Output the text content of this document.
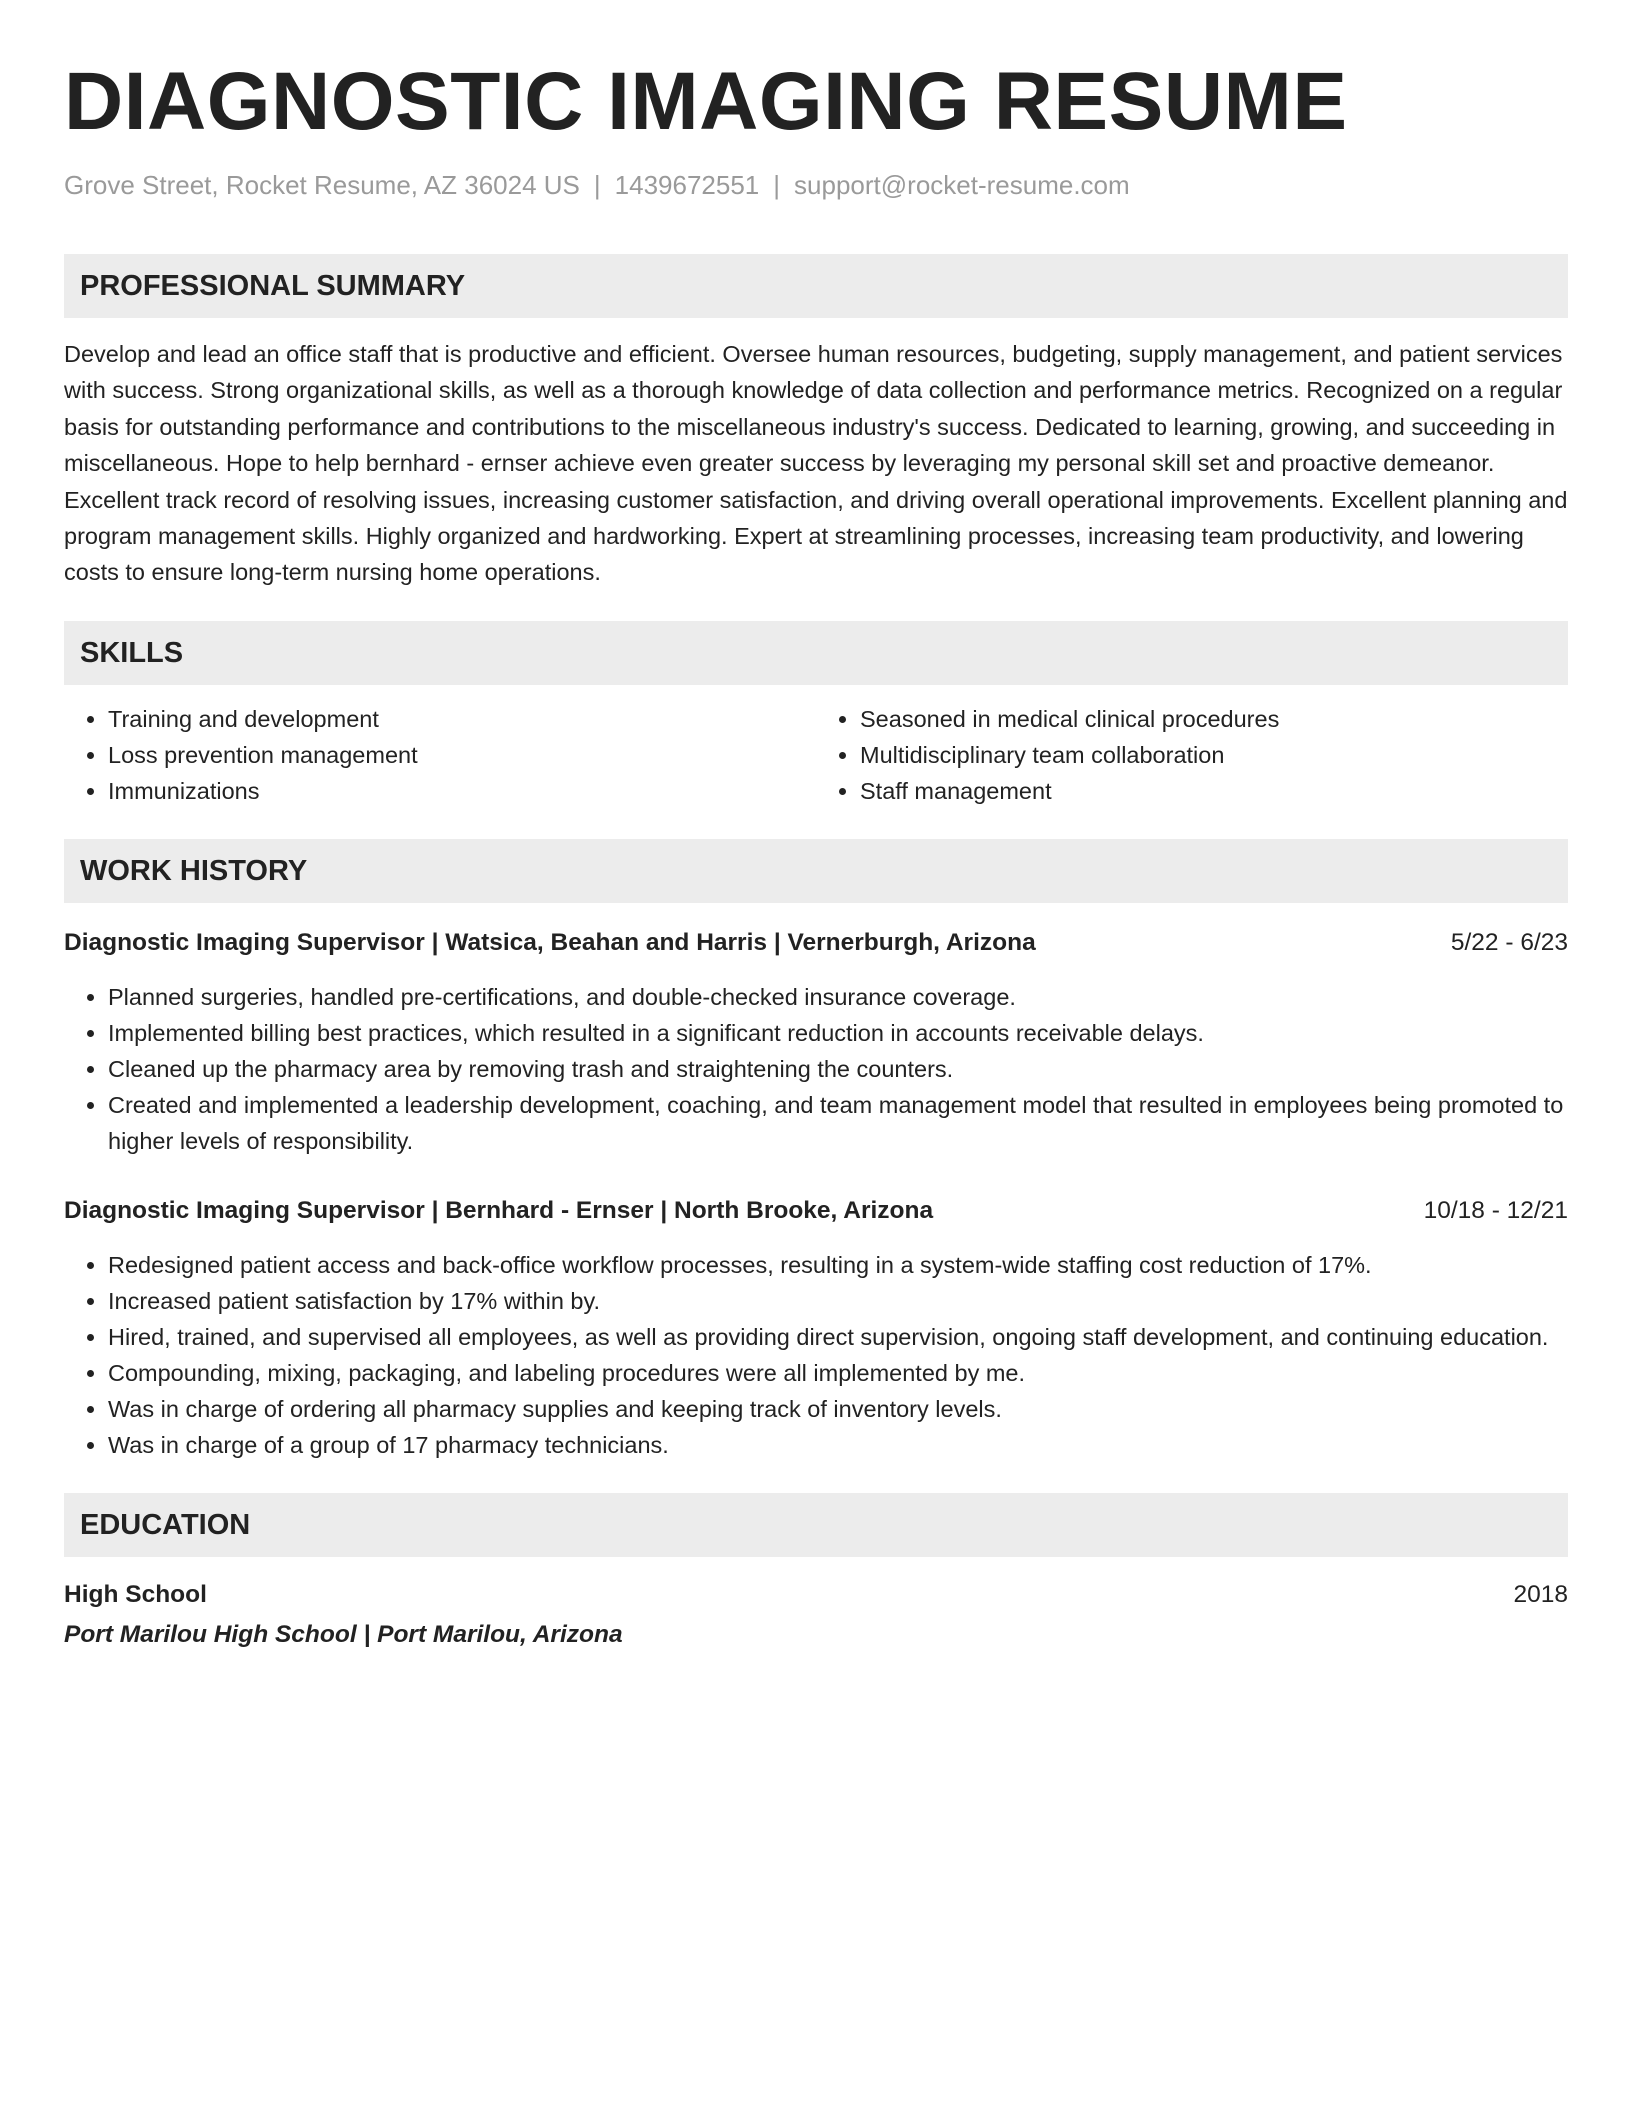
DIAGNOSTIC IMAGING RESUME
Grove Street, Rocket Resume, AZ 36024 US | 1439672551 | support@rocket-resume.com
PROFESSIONAL SUMMARY

Develop and lead an office staff that is productive and efficient. Oversee human resources, budgeting, supply management, and patient services with success. Strong organizational skills, as well as a thorough knowledge of data collection and performance metrics. Recognized on a regular basis for outstanding performance and contributions to the miscellaneous industry's success. Dedicated to learning, growing, and succeeding in miscellaneous. Hope to help bernhard - ernser achieve even greater success by leveraging my personal skill set and proactive demeanor. Excellent track record of resolving issues, increasing customer satisfaction, and driving overall operational improvements. Excellent planning and program management skills. Highly organized and hardworking. Expert at streamlining processes, increasing team productivity, and lowering costs to ensure long-term nursing home operations.

SKILLS
• Training and development
• Loss prevention management
• Immunizations
• Seasoned in medical clinical procedures
• Multidisciplinary team collaboration
• Staff management
WORK HISTORY
Diagnostic Imaging Supervisor | Watsica, Beahan and Harris | Vernerburgh, Arizona	5/22 - 6/23
• Planned surgeries, handled pre-certifications, and double-checked insurance coverage.
• Implemented billing best practices, which resulted in a significant reduction in accounts receivable delays.
• Cleaned up the pharmacy area by removing trash and straightening the counters.
• Created and implemented a leadership development, coaching, and team management model that resulted in employees being promoted to higher levels of responsibility.
Diagnostic Imaging Supervisor | Bernhard - Ernser | North Brooke, Arizona	10/18 - 12/21
• Redesigned patient access and back-office workflow processes, resulting in a system-wide staffing cost reduction of 17%.
• Increased patient satisfaction by 17% within by.
• Hired, trained, and supervised all employees, as well as providing direct supervision, ongoing staff development, and continuing education.
• Compounding, mixing, packaging, and labeling procedures were all implemented by me.
• Was in charge of ordering all pharmacy supplies and keeping track of inventory levels.
• Was in charge of a group of 17 pharmacy technicians.
EDUCATION
High School	2018
Port Marilou High School | Port Marilou, Arizona
